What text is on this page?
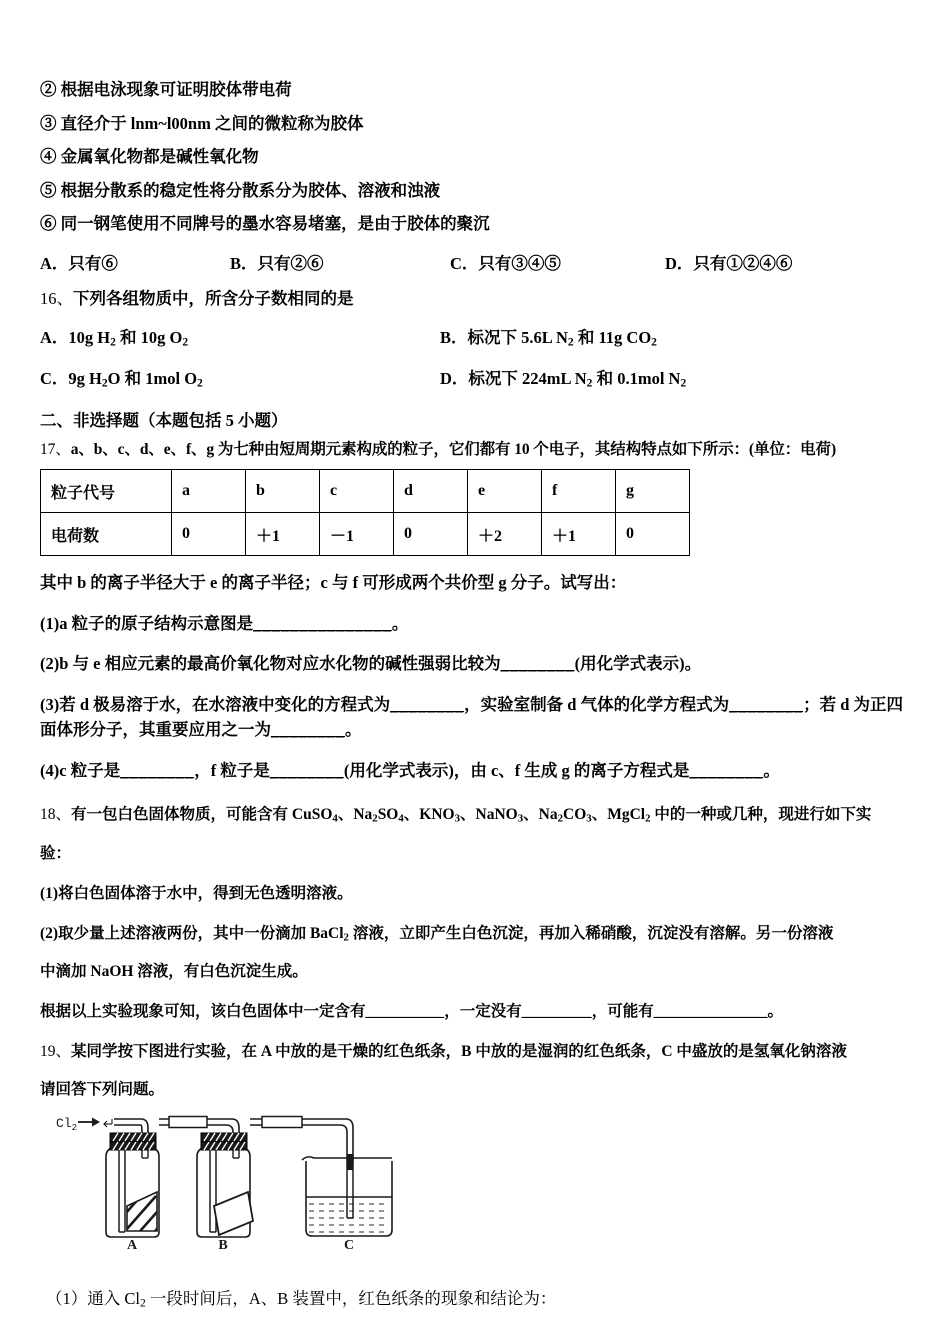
② 根据电泳现象可证明胶体带电荷
③ 直径介于 lnm~l00nm 之间的微粒称为胶体
④ 金属氧化物都是碱性氧化物
⑤ 根据分散系的稳定性将分散系分为胶体、溶液和浊液
⑥ 同一钢笔使用不同牌号的墨水容易堵塞，是由于胶体的聚沉
A．只有⑥	B．只有②⑥	C．只有③④⑤	D．只有①②④⑥
16、下列各组物质中，所含分子数相同的是
A．10g $H_2$ 和 10g $O_2$	B．标况下 5.6L $N_2$ 和 11g $CO_2$
C．9g $H_2O$ 和 1mol $O_2$	D．标况下 224mL $N_2$ 和 0.1mol $N_2$
二、非选择题（本题包括 5 小题）
17、a、b、c、d、e、f、g 为七种由短周期元素构成的粒子，它们都有 10 个电子，其结构特点如下所示：(单位：电荷)
粒子代号	a	b	c	d	e	f	g
电荷数	0	＋1	－1	0	＋2	＋1	0
其中 b 的离子半径大于 e 的离子半径；c 与 f 可形成两个共价型 g 分子。试写出：
(1)a 粒子的原子结构示意图是_______________。
(2)b 与 e 相应元素的最高价氧化物对应水化物的碱性强弱比较为________(用化学式表示)。
(3)若 d 极易溶于水，在水溶液中变化的方程式为________，实验室制备 d 气体的化学方程式为________；若 d 为正四面体形分子，其重要应用之一为________。
(4)c 粒子是________，f 粒子是________(用化学式表示)，由 c、f 生成 g 的离子方程式是________。
18、有一包白色固体物质，可能含有 CuSO$_4$、$Na_2SO_4$、$KNO_3$、NaNO$_3$、$Na_2CO_3$、MgCl$_2$ 中的一种或几种，现进行如下实
验：
(1)将白色固体溶于水中，得到无色透明溶液。
(2)取少量上述溶液两份，其中一份滴加 BaCl$_2$ 溶液，立即产生白色沉淀，再加入稀硝酸，沉淀没有溶解。另一份溶液
中滴加 NaOH 溶液，有白色沉淀生成。
根据以上实验现象可知，该白色固体中一定含有_________，一定没有________，可能有_____________。
19、某同学按下图进行实验，在 A 中放的是干燥的红色纸条，B 中放的是湿润的红色纸条，C 中盛放的是氢氧化钠溶液
请回答下列问题。
A	B	C
$Cl_2$
（1）通入 $Cl_2$ 一段时间后，A、B 装置中，红色纸条的现象和结论为：
